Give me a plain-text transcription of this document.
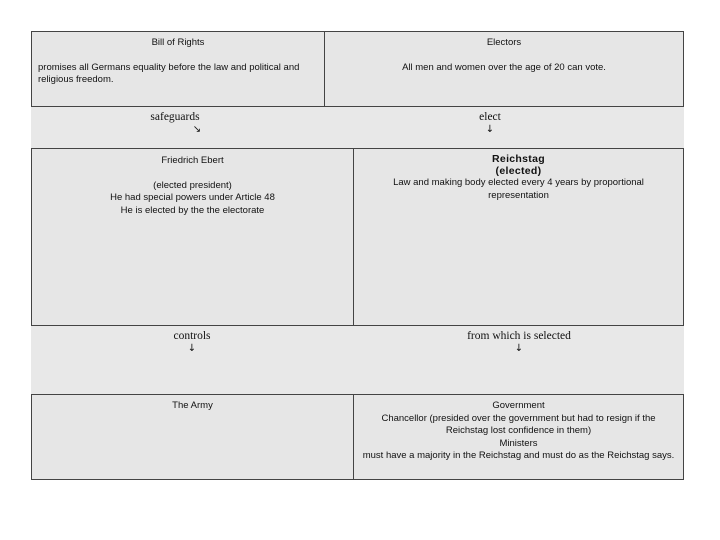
Bill of Rights
promises all Germans equality before the law and political and religious freedom.
Electors
All men and women over the age of 20 can vote.
safeguards
↘
elect
↓
Friedrich Ebert
(elected president)
He had special powers under Article 48
He is elected by the the electorate
Reichstag
(elected)
Law and making body elected every 4 years by proportional representation
controls
↓
from which is selected
↓
The Army	Government
Chancellor (presided over the government but had to resign if the Reichstag lost confidence in them)
Ministers
must have a majority in the Reichstag and must do as the Reichstag says.
